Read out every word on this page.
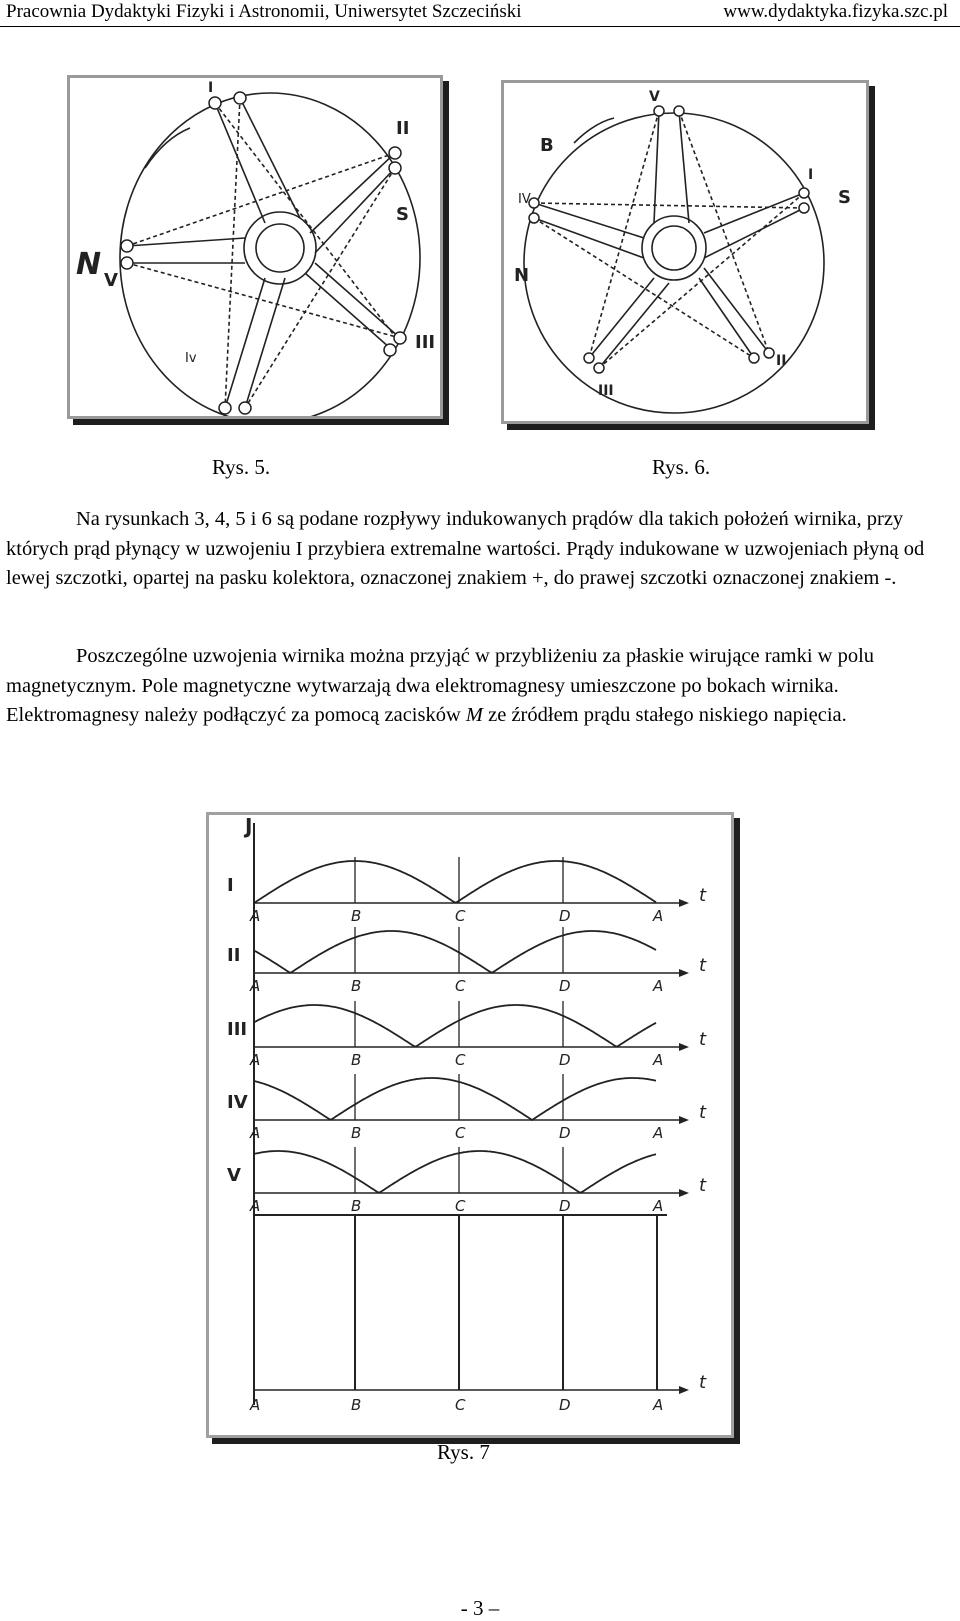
Pracownia Dydaktyki Fizyki i Astronomii, Uniwersytet Szczeciński	www.dydaktyka.fizyka.szc.pl
I
II
S
N V
III
Iv
V
B
I
S
IV
N
II
III
Rys. 5.	Rys. 6.

Na rysunkach 3, 4, 5 i 6 są podane rozpływy indukowanych prądów dla takich położeń wirnika, przy których prąd płynący w uzwojeniu I przybiera extremalne wartości. Prądy indukowane w uzwojeniach płyną od lewej szczotki, opartej na pasku kolektora, oznaczonej znakiem +, do prawej szczotki oznaczonej znakiem -.

Poszczególne uzwojenia wirnika można przyjąć w przybliżeniu za płaskie wirujące ramki w polu magnetycznym. Pole magnetyczne wytwarzają dwa elektromagnesy umieszczone po bokach wirnika. Elektromagnesy należy podłączyć za pomocą zacisków M ze źródłem prądu stałego niskiego napięcia.

J
I	t
A	B	C	D	A
II	t
A	B	C	D	A
III	t
A	B	C	D	A
IV	t
A	B	C	D	A
V	t
A	B	C	D	A
t
A	B	C	D	A
Rys. 7
- 3 –
